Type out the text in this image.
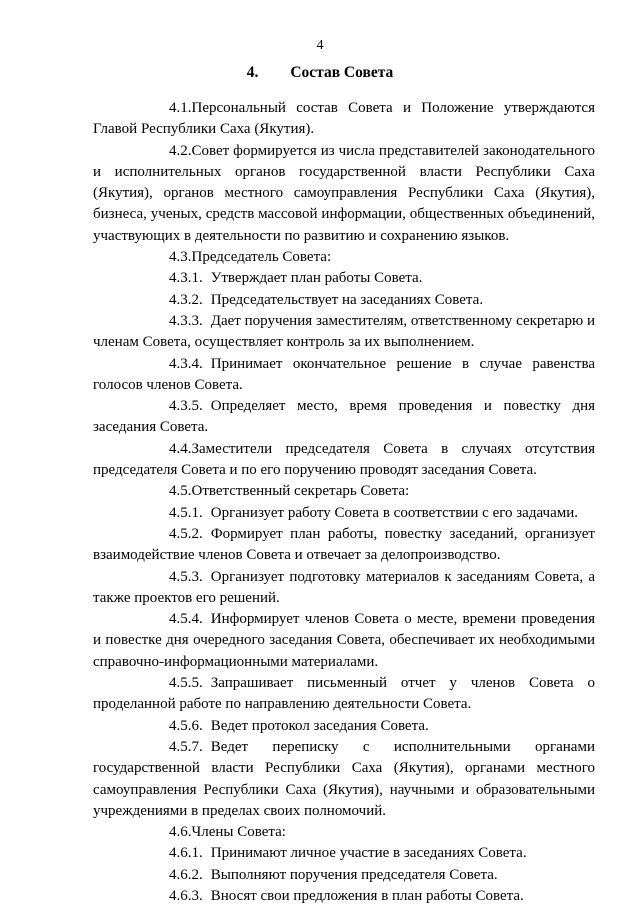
4
4. Состав Совета

4.1.Персональный состав Совета и Положение утверждаются Главой Республики Саха (Якутия).

4.2.Совет формируется из числа представителей законодательного и исполнительных органов государственной власти Республики Саха (Якутия), органов местного самоуправления Республики Саха (Якутия), бизнеса, ученых, средств массовой информации, общественных объединений, участвующих в деятельности по развитию и сохранению языков.

4.3.Председатель Совета:

4.3.1. Утверждает план работы Совета.

4.3.2. Председательствует на заседаниях Совета.

4.3.3. Дает поручения заместителям, ответственному секретарю и членам Совета, осуществляет контроль за их выполнением.

4.3.4. Принимает окончательное решение в случае равенства голосов членов Совета.

4.3.5. Определяет место, время проведения и повестку дня заседания Совета.

4.4.Заместители председателя Совета в случаях отсутствия председателя Совета и по его поручению проводят заседания Совета.

4.5.Ответственный секретарь Совета:

4.5.1. Организует работу Совета в соответствии с его задачами.

4.5.2. Формирует план работы, повестку заседаний, организует взаимодействие членов Совета и отвечает за делопроизводство.

4.5.3. Организует подготовку материалов к заседаниям Совета, а также проектов его решений.

4.5.4. Информирует членов Совета о месте, времени проведения и повестке дня очередного заседания Совета, обеспечивает их необходимыми справочно-информационными материалами.

4.5.5. Запрашивает письменный отчет у членов Совета о проделанной работе по направлению деятельности Совета.

4.5.6. Ведет протокол заседания Совета.

4.5.7. Ведет переписку с исполнительными органами государственной власти Республики Саха (Якутия), органами местного самоуправления Республики Саха (Якутия), научными и образовательными учреждениями в пределах своих полномочий.

4.6.Члены Совета:

4.6.1. Принимают личное участие в заседаниях Совета.

4.6.2. Выполняют поручения председателя Совета.

4.6.3. Вносят свои предложения в план работы Совета.
